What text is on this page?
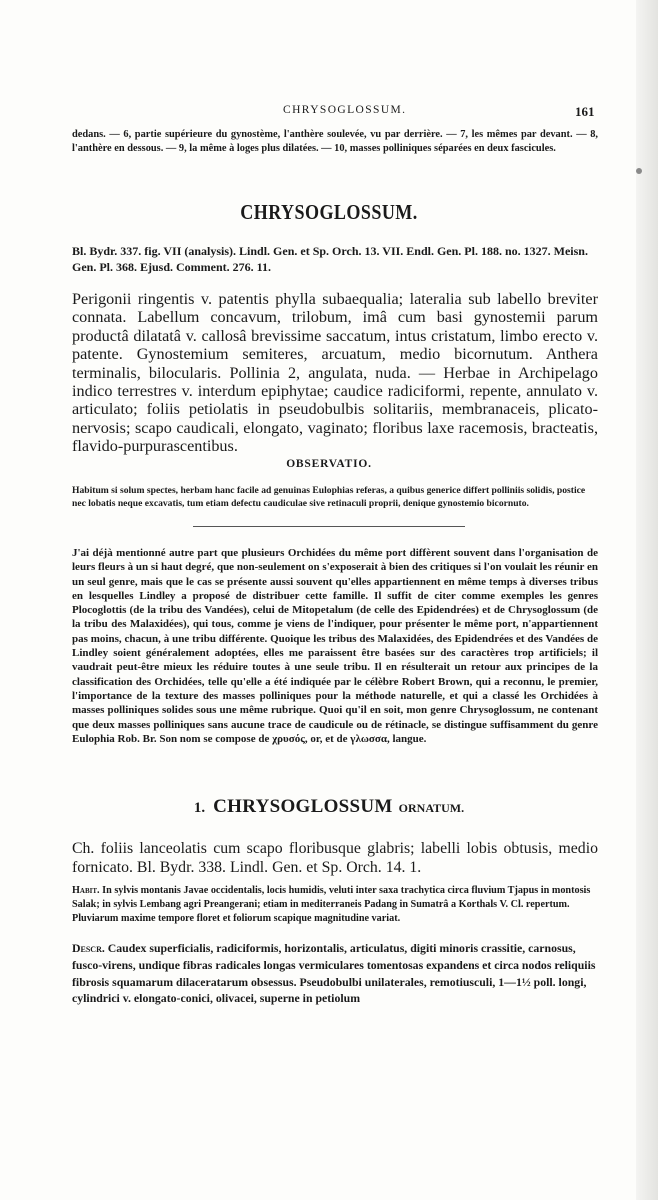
CHRYSOGLOSSUM.	161
dedans. — 6, partie supérieure du gynostème, l'anthère soulevée, vu par derrière. — 7, les mêmes par devant. — 8, l'anthère en dessous. — 9, la même à loges plus dilatées. — 10, masses polliniques séparées en deux fascicules.
CHRYSOGLOSSUM.
Bl. Bydr. 337. fig. VII (analysis). Lindl. Gen. et Sp. Orch. 13. VII. Endl. Gen. Pl. 188. no. 1327. Meisn. Gen. Pl. 368. Ejusd. Comment. 276. 11.
Perigonii ringentis v. patentis phylla subaequalia; lateralia sub labello breviter connata. Labellum concavum, trilobum, imâ cum basi gynostemii parum productâ dilatatâ v. callosâ brevissime saccatum, intus cristatum, limbo erecto v. patente. Gynostemium semiteres, arcuatum, medio bicornutum. Anthera terminalis, bilocularis. Pollinia 2, angulata, nuda. — Herbae in Archipelago indico terrestres v. interdum epiphytae; caudice radiciformi, repente, annulato v. articulato; foliis petiolatis in pseudobulbis solitariis, membranaceis, plicato-nervosis; scapo caudicali, elongato, vaginato; floribus laxe racemosis, bracteatis, flavido-purpurascentibus.
OBSERVATIO.
Habitum si solum spectes, herbam hanc facile ad genuinas Eulophias referas, a quibus generice differt polliniis solidis, postice nec lobatis neque excavatis, tum etiam defectu caudiculae sive retinaculi proprii, denique gynostemio bicornuto.
J'ai déjà mentionné autre part que plusieurs Orchidées du même port diffèrent souvent dans l'organisation de leurs fleurs à un si haut degré, que non-seulement on s'exposerait à bien des critiques si l'on voulait les réunir en un seul genre, mais que le cas se présente aussi souvent qu'elles appartiennent en même temps à diverses tribus en lesquelles Lindley a proposé de distribuer cette famille. Il suffit de citer comme exemples les genres Plocoglottis (de la tribu des Vandées), celui de Mitopetalum (de celle des Epidendrées) et de Chrysoglossum (de la tribu des Malaxidées), qui tous, comme je viens de l'indiquer, pour présenter le même port, n'appartiennent pas moins, chacun, à une tribu différente. Quoique les tribus des Malaxidées, des Epidendrées et des Vandées de Lindley soient généralement adoptées, elles me paraissent être basées sur des caractères trop artificiels; il vaudrait peut-être mieux les réduire toutes à une seule tribu. Il en résulterait un retour aux principes de la classification des Orchidées, telle qu'elle a été indiquée par le célèbre Robert Brown, qui a reconnu, le premier, l'importance de la texture des masses polliniques pour la méthode naturelle, et qui a classé les Orchidées à masses polliniques solides sous une même rubrique. Quoi qu'il en soit, mon genre Chrysoglossum, ne contenant que deux masses polliniques sans aucune trace de caudicule ou de rétinacle, se distingue suffisamment du genre Eulophia Rob. Br. Son nom se compose de χρυσός, or, et de γλωσσα, langue.
1. CHRYSOGLOSSUM ORNATUM.
Ch. foliis lanceolatis cum scapo floribusque glabris; labelli lobis obtusis, medio fornicato. Bl. Bydr. 338. Lindl. Gen. et Sp. Orch. 14. 1.
Habit. In sylvis montanis Javae occidentalis, locis humidis, veluti inter saxa trachytica circa fluvium Tjapus in montosis Salak; in sylvis Lembang agri Preangerani; etiam in mediterraneis Padang in Sumatrâ a Korthals V. Cl. repertum. Pluviarum maxime tempore floret et foliorum scapique magnitudine variat.
Descr. Caudex superficialis, radiciformis, horizontalis, articulatus, digiti minoris crassitie, carnosus, fusco-virens, undique fibras radicales longas vermiculares tomentosas expandens et circa nodos reliquiis fibrosis squamarum dilaceratarum obsessus. Pseudobulbi unilaterales, remotiusculi, 1—1½ poll. longi, cylindrici v. elongato-conici, olivacei, superne in petiolum
